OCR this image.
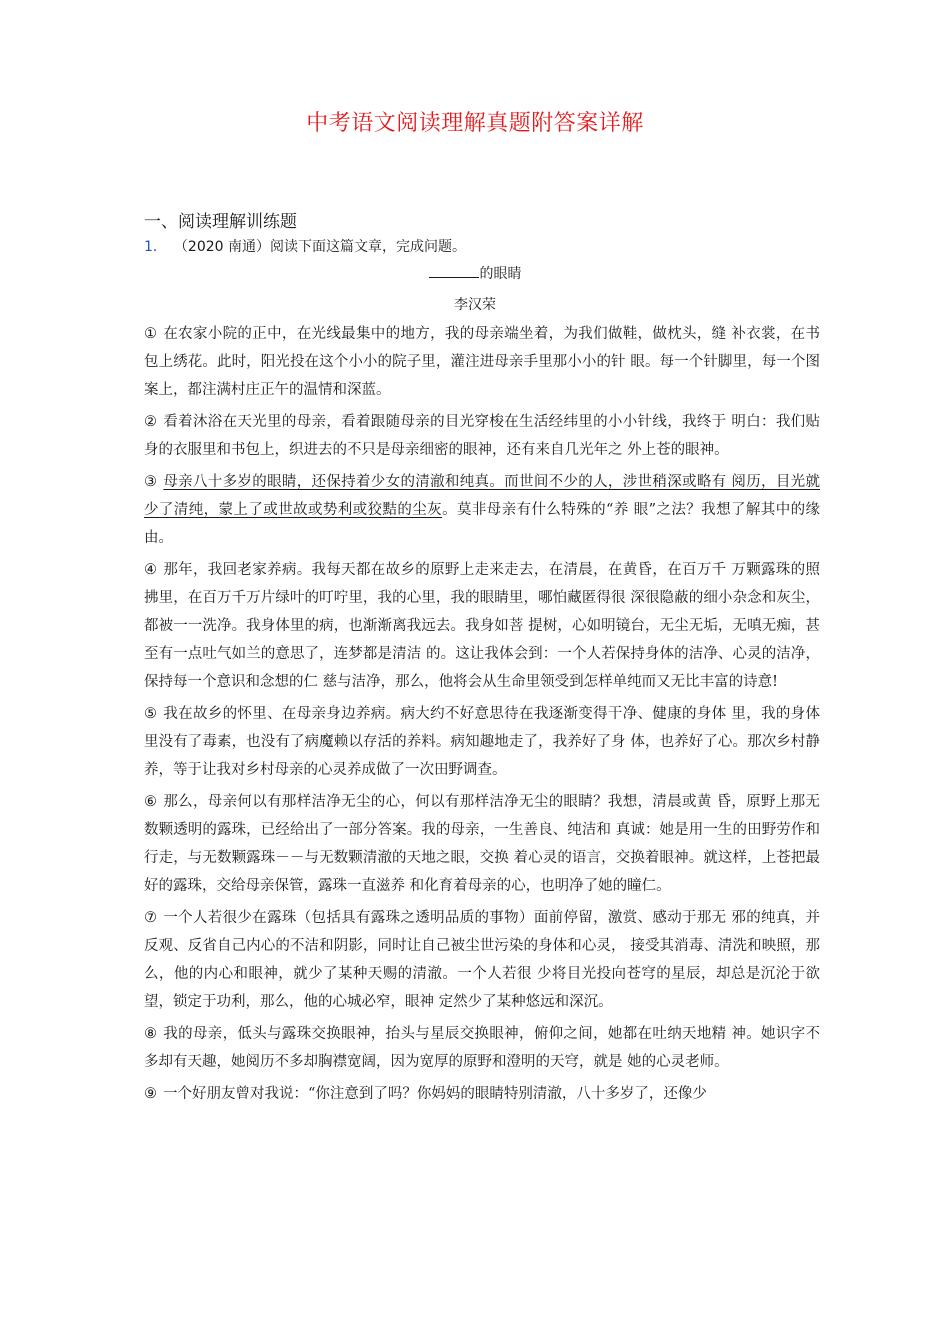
中考语文阅读理解真题附答案详解
一、阅读理解训练题
1． （2020 南通）阅读下面这篇文章，完成问题。
的眼睛
李汉荣

① 在农家小院的正中，在光线最集中的地方，我的母亲端坐着，为我们做鞋，做枕头，缝 补衣裳，在书包上绣花。此时，阳光投在这个小小的院子里，灌注进母亲手里那小小的针 眼。每一个针脚里，每一个图案上，都注满村庄正午的温情和深蓝。

② 看着沐浴在天光里的母亲，看着跟随母亲的目光穿梭在生活经纬里的小小针线，我终于 明白：我们贴身的衣服里和书包上，织进去的不只是母亲细密的眼神，还有来自几光年之 外上苍的眼神。

③ 母亲八十多岁的眼睛，还保持着少女的清澈和纯真。而世间不少的人，涉世稍深或略有 阅历，目光就少了清纯，蒙上了或世故或势利或狡黠的尘灰。莫非母亲有什么特殊的“养 眼”之法？我想了解其中的缘由。

④ 那年，我回老家养病。我每天都在故乡的原野上走来走去，在清晨，在黄昏，在百万千 万颗露珠的照拂里，在百万千万片绿叶的叮咛里，我的心里，我的眼睛里，哪怕藏匿得很 深很隐蔽的细小杂念和灰尘，都被一一洗净。我身体里的病，也渐渐离我远去。我身如菩 提树，心如明镜台，无尘无垢，无嗔无痴，甚至有一点吐气如兰的意思了，连梦都是清洁 的。这让我体会到：一个人若保持身体的洁净、心灵的洁净，保持每一个意识和念想的仁 慈与洁净，那么，他将会从生命里领受到怎样单纯而又无比丰富的诗意!

⑤ 我在故乡的怀里、在母亲身边养病。病大约不好意思待在我逐渐变得干净、健康的身体 里，我的身体里没有了毒素，也没有了病魔赖以存活的养料。病知趣地走了，我养好了身 体，也养好了心。那次乡村静养，等于让我对乡村母亲的心灵养成做了一次田野调查。

⑥ 那么，母亲何以有那样洁净无尘的心，何以有那样洁净无尘的眼睛？我想，清晨或黄 昏，原野上那无数颗透明的露珠，已经给出了一部分答案。我的母亲，一生善良、纯洁和 真诚：她是用一生的田野劳作和行走，与无数颗露珠－－与无数颗清澈的天地之眼，交换 着心灵的语言，交换着眼神。就这样，上苍把最好的露珠，交给母亲保管，露珠一直滋养 和化育着母亲的心，也明净了她的瞳仁。

⑦ 一个人若很少在露珠（包括具有露珠之透明品质的事物）面前停留，激赏、感动于那无 邪的纯真，并反观、反省自己内心的不洁和阴影，同时让自己被尘世污染的身体和心灵， 接受其消毒、清洗和映照，那么，他的内心和眼神，就少了某种天赐的清澈。一个人若很 少将目光投向苍穹的星辰，却总是沉沦于欲望，锁定于功利，那么，他的心城必窄，眼神 定然少了某种悠远和深沉。

⑧ 我的母亲，低头与露珠交换眼神，抬头与星辰交换眼神，俯仰之间，她都在吐纳天地精 神。她识字不多却有天趣，她阅历不多却胸襟宽阔，因为宽厚的原野和澄明的天穹，就是 她的心灵老师。

⑨ 一个好朋友曾对我说：“你注意到了吗？你妈妈的眼睛特别清澈，八十多岁了，还像少
